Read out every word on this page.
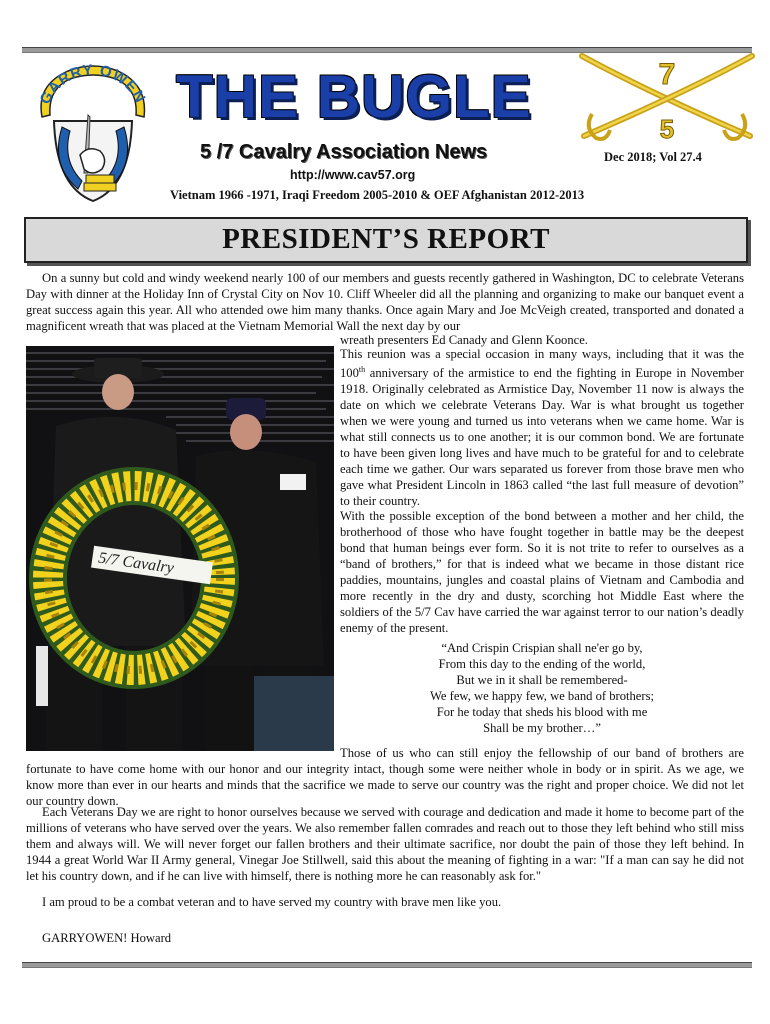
GARRY OWEN THE BUGLE
5 /7 Cavalry Association News
http://www.cav57.org
Dec 2018; Vol 27.4
Vietnam 1966 -1971, Iraqi Freedom 2005-2010 & OEF Afghanistan 2012-2013
7
5
PRESIDENT’S REPORT
On a sunny but cold and windy weekend nearly 100 of our members and guests recently gathered in Washington, DC to celebrate Veterans Day with dinner at the Holiday Inn of Crystal City on Nov 10. Cliff Wheeler did all the planning and organizing to make our banquet event a great success again this year. All who attended owe him many thanks. Once again Mary and Joe McVeigh created, transported and donated a magnificent wreath that was placed at the Vietnam Memorial Wall the next day by our
wreath presenters Ed Canady and Glenn Koonce.
5/7 Cavalry
This reunion was a special occasion in many ways, including that it was the 100th anniversary of the armistice to end the fighting in Europe in November 1918. Originally celebrated as Armistice Day, November 11 now is always the date on which we celebrate Veterans Day. War is what brought us together when we were young and turned us into veterans when we came home. War is what still connects us to one another; it is our common bond. We are fortunate to have been given long lives and have much to be grateful for and to celebrate each time we gather. Our wars separated us forever from those brave men who gave what President Lincoln in 1863 called “the last full measure of devotion” to their country.
With the possible exception of the bond between a mother and her child, the brotherhood of those who have fought together in battle may be the deepest bond that human beings ever form. So it is not trite to refer to ourselves as a “band of brothers,” for that is indeed what we became in those distant rice paddies, mountains, jungles and coastal plains of Vietnam and Cambodia and more recently in the dry and dusty, scorching hot Middle East where the soldiers of the 5/7 Cav have carried the war against terror to our nation’s deadly enemy of the present.
“And Crispin Crispian shall ne'er go by,
From this day to the ending of the world,
But we in it shall be remembered-
We few, we happy few, we band of brothers;
For he today that sheds his blood with me
Shall be my brother…”
Those of us who can still enjoy the fellowship of our band of brothers are fortunate to have come home with our honor and our integrity intact, though some were neither whole in body or in spirit. As we age, we know more than ever in our hearts and minds that the sacrifice we made to serve our country was the right and proper choice. We did not let our country down.
Each Veterans Day we are right to honor ourselves because we served with courage and dedication and made it home to become part of the millions of veterans who have served over the years. We also remember fallen comrades and reach out to those they left behind who still miss them and always will. We will never forget our fallen brothers and their ultimate sacrifice, nor doubt the pain of those they left behind. In 1944 a great World War II Army general, Vinegar Joe Stillwell, said this about the meaning of fighting in a war: "If a man can say he did not let his country down, and if he can live with himself, there is nothing more he can reasonably ask for."
I am proud to be a combat veteran and to have served my country with brave men like you.
GARRYOWEN! Howard
